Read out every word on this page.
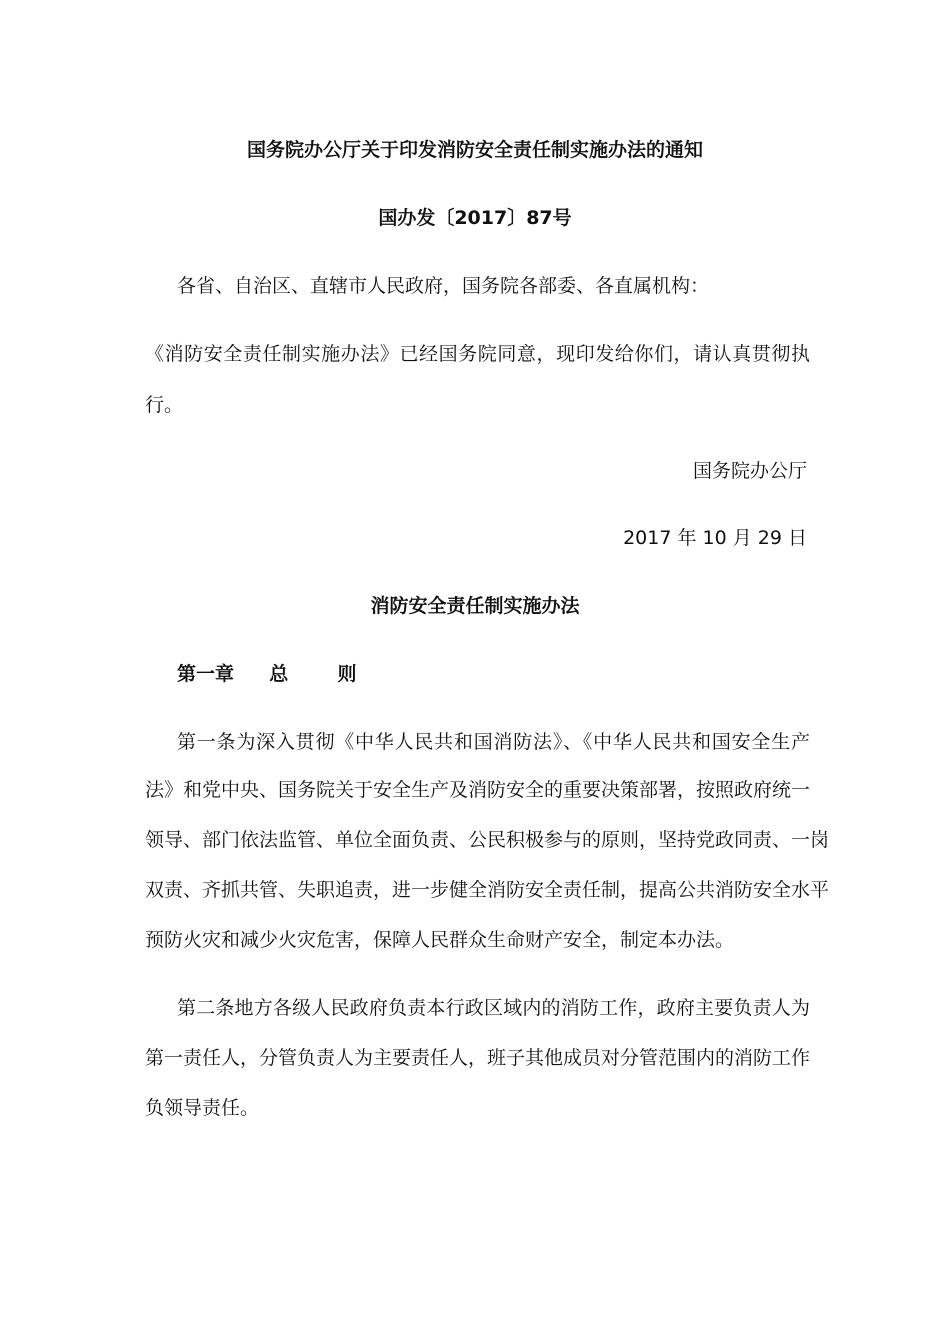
国务院办公厅关于印发消防安全责任制实施办法的通知
国办发〔2017〕87号
各省、自治区、直辖市人民政府，国务院各部委、各直属机构：
《消防安全责任制实施办法》已经国务院同意，现印发给你们，请认真贯彻执
行。
国务院办公厅
2017 年 10 月 29 日
消防安全责任制实施办法
第一章 总	则
第一条为深入贯彻《中华人民共和国消防法》、《中华人民共和国安全生产
法》和党中央、国务院关于安全生产及消防安全的重要决策部署，按照政府统一
领导、部门依法监管、单位全面负责、公民积极参与的原则，坚持党政同责、一岗
双责、齐抓共管、失职追责，进一步健全消防安全责任制，提高公共消防安全水平
预防火灾和减少火灾危害，保障人民群众生命财产安全，制定本办法。
第二条地方各级人民政府负责本行政区域内的消防工作，政府主要负责人为
第一责任人，分管负责人为主要责任人，班子其他成员对分管范围内的消防工作
负领导责任。
